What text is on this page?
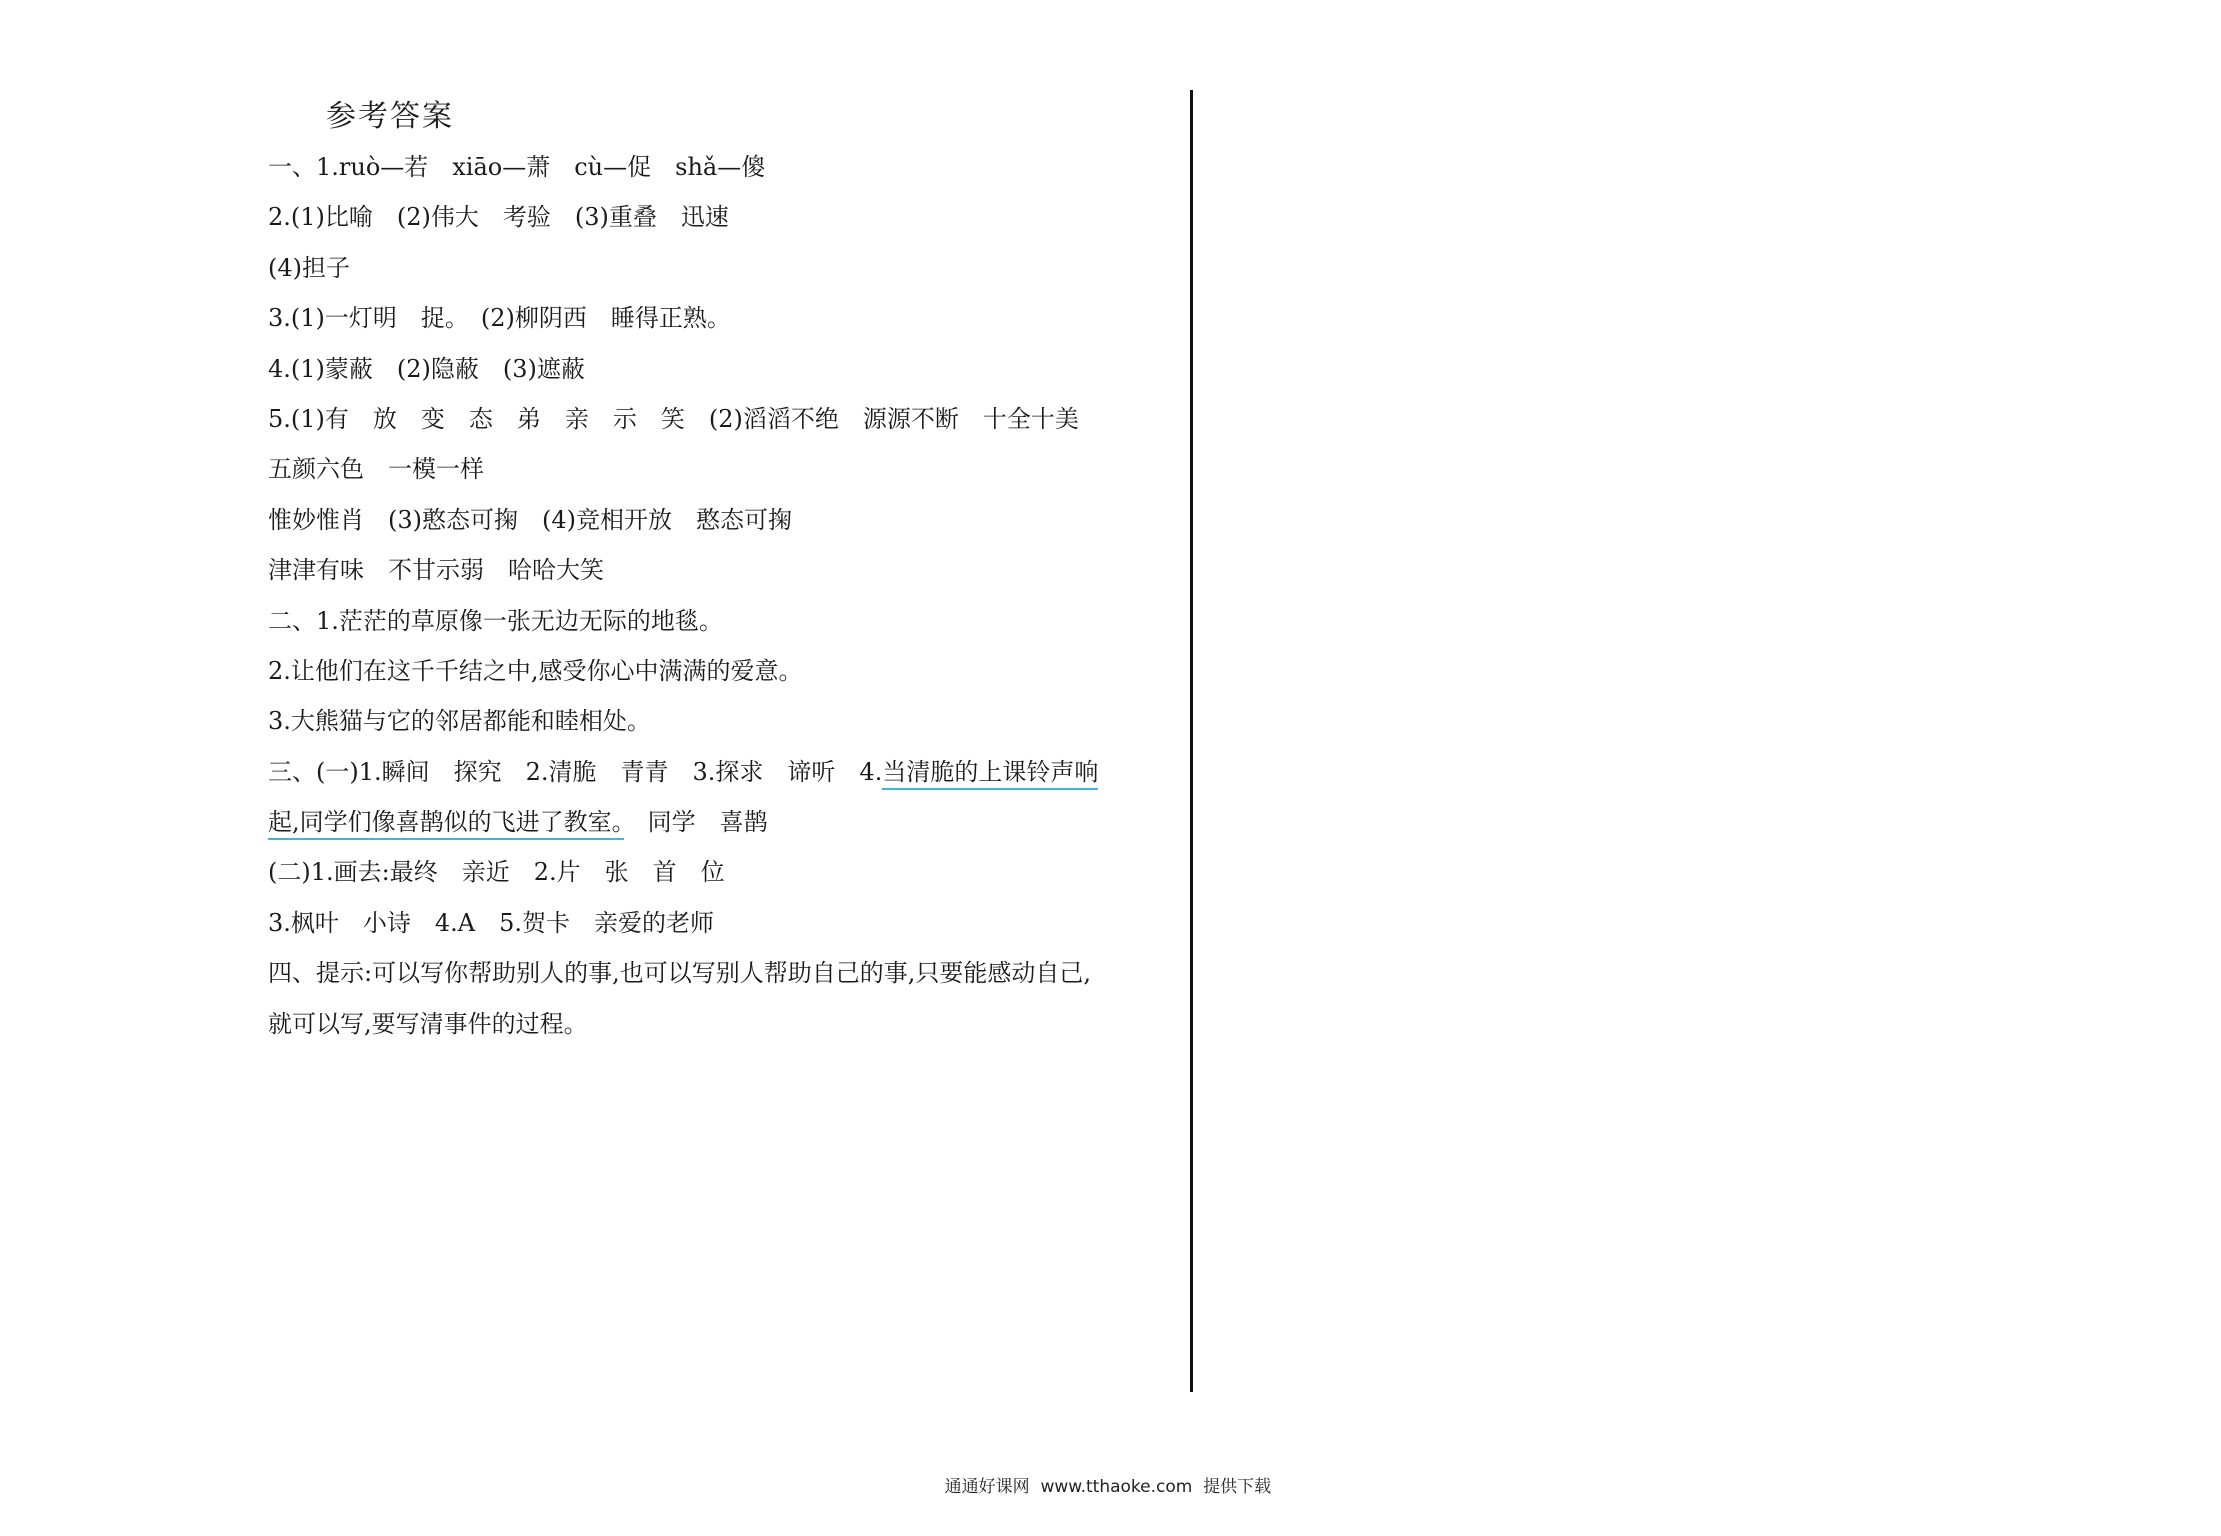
参考答案
一、1.ruò—若　xiāo—萧　cù—促　shǎ—傻
2.(1)比喻　(2)伟大　考验　(3)重叠　迅速
(4)担子
3.(1)一灯明　捉。　(2)柳阴西　睡得正熟。
4.(1)蒙蔽　(2)隐蔽　(3)遮蔽
5.(1)有　放　变　态　弟　亲　示　笑　(2)滔滔不绝　源源不断　十全十美
五颜六色　一模一样
惟妙惟肖　(3)憨态可掬　(4)竞相开放　憨态可掬
津津有味　不甘示弱　哈哈大笑
二、1.茫茫的草原像一张无边无际的地毯。
2.让他们在这千千结之中,感受你心中满满的爱意。
3.大熊猫与它的邻居都能和睦相处。
三、(一)1.瞬间　探究　2.清脆　青青　3.探求　谛听　4.当清脆的上课铃声响
起,同学们像喜鹊似的飞进了教室。　同学　喜鹊
(二)1.画去:最终　亲近　2.片　张　首　位
3.枫叶　小诗　4.A　5.贺卡　亲爱的老师
四、提示:可以写你帮助别人的事,也可以写别人帮助自己的事,只要能感动自己,
就可以写,要写清事件的过程。

通通好课网  www.tthaoke.com  提供下载
